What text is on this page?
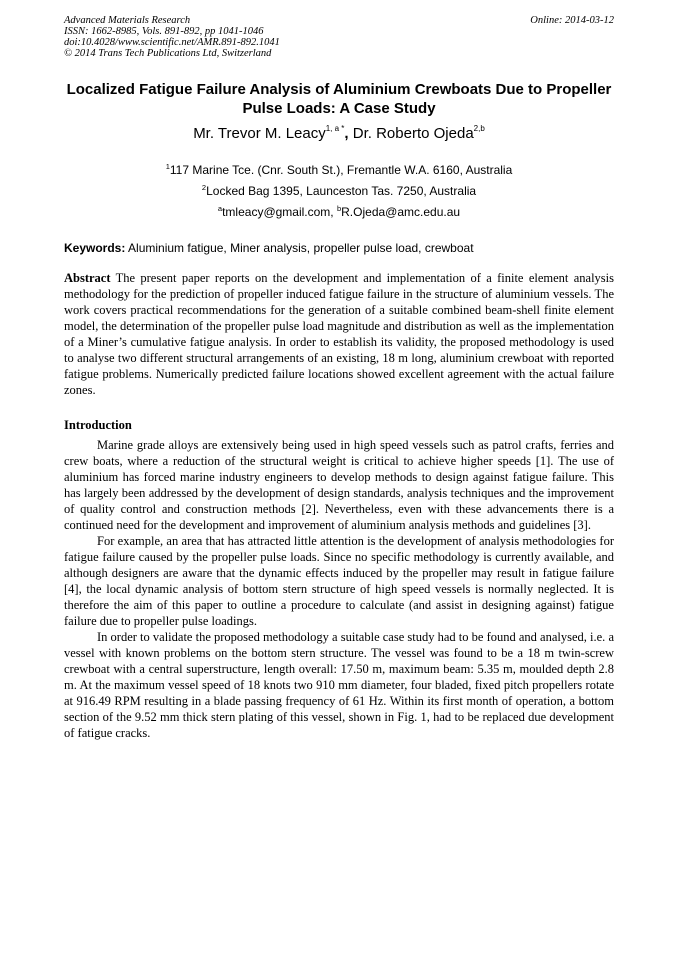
Advanced Materials Research
ISSN: 1662-8985, Vols. 891-892, pp 1041-1046
doi:10.4028/www.scientific.net/AMR.891-892.1041
© 2014 Trans Tech Publications Ltd, Switzerland
Online: 2014-03-12
Localized Fatigue Failure Analysis of Aluminium Crewboats Due to Propeller Pulse Loads: A Case Study
Mr. Trevor M. Leacy$^{1, a *}$, Dr. Roberto Ojeda$^{2,b}$
$^1$117 Marine Tce. (Cnr. South St.), Fremantle W.A. 6160, Australia
$^2$Locked Bag 1395, Launceston Tas. 7250, Australia
$^a$tmleacy@gmail.com, $^b$R.Ojeda@amc.edu.au
Keywords: Aluminium fatigue, Miner analysis, propeller pulse load, crewboat
Abstract The present paper reports on the development and implementation of a finite element analysis methodology for the prediction of propeller induced fatigue failure in the structure of aluminium vessels. The work covers practical recommendations for the generation of a suitable combined beam-shell finite element model, the determination of the propeller pulse load magnitude and distribution as well as the implementation of a Miner’s cumulative fatigue analysis. In order to establish its validity, the proposed methodology is used to analyse two different structural arrangements of an existing, 18 m long, aluminium crewboat with reported fatigue problems. Numerically predicted failure locations showed excellent agreement with the actual failure zones.
Introduction

Marine grade alloys are extensively being used in high speed vessels such as patrol crafts, ferries and crew boats, where a reduction of the structural weight is critical to achieve higher speeds [1]. The use of aluminium has forced marine industry engineers to develop methods to design against fatigue failure. This has largely been addressed by the development of design standards, analysis techniques and the improvement of quality control and construction methods [2]. Nevertheless, even with these advancements there is a continued need for the development and improvement of aluminium analysis methods and guidelines [3].

For example, an area that has attracted little attention is the development of analysis methodologies for fatigue failure caused by the propeller pulse loads. Since no specific methodology is currently available, and although designers are aware that the dynamic effects induced by the propeller may result in fatigue failure [4], the local dynamic analysis of bottom stern structure of high speed vessels is normally neglected. It is therefore the aim of this paper to outline a procedure to calculate (and assist in designing against) fatigue failure due to propeller pulse loadings.

In order to validate the proposed methodology a suitable case study had to be found and analysed, i.e. a vessel with known problems on the bottom stern structure. The vessel was found to be a 18 m twin-screw crewboat with a central superstructure, length overall: 17.50 m, maximum beam: 5.35 m, moulded depth 2.8 m. At the maximum vessel speed of 18 knots two 910 mm diameter, four bladed, fixed pitch propellers rotate at 916.49 RPM resulting in a blade passing frequency of 61 Hz. Within its first month of operation, a bottom section of the 9.52 mm thick stern plating of this vessel, shown in Fig. 1, had to be replaced due development of fatigue cracks.
